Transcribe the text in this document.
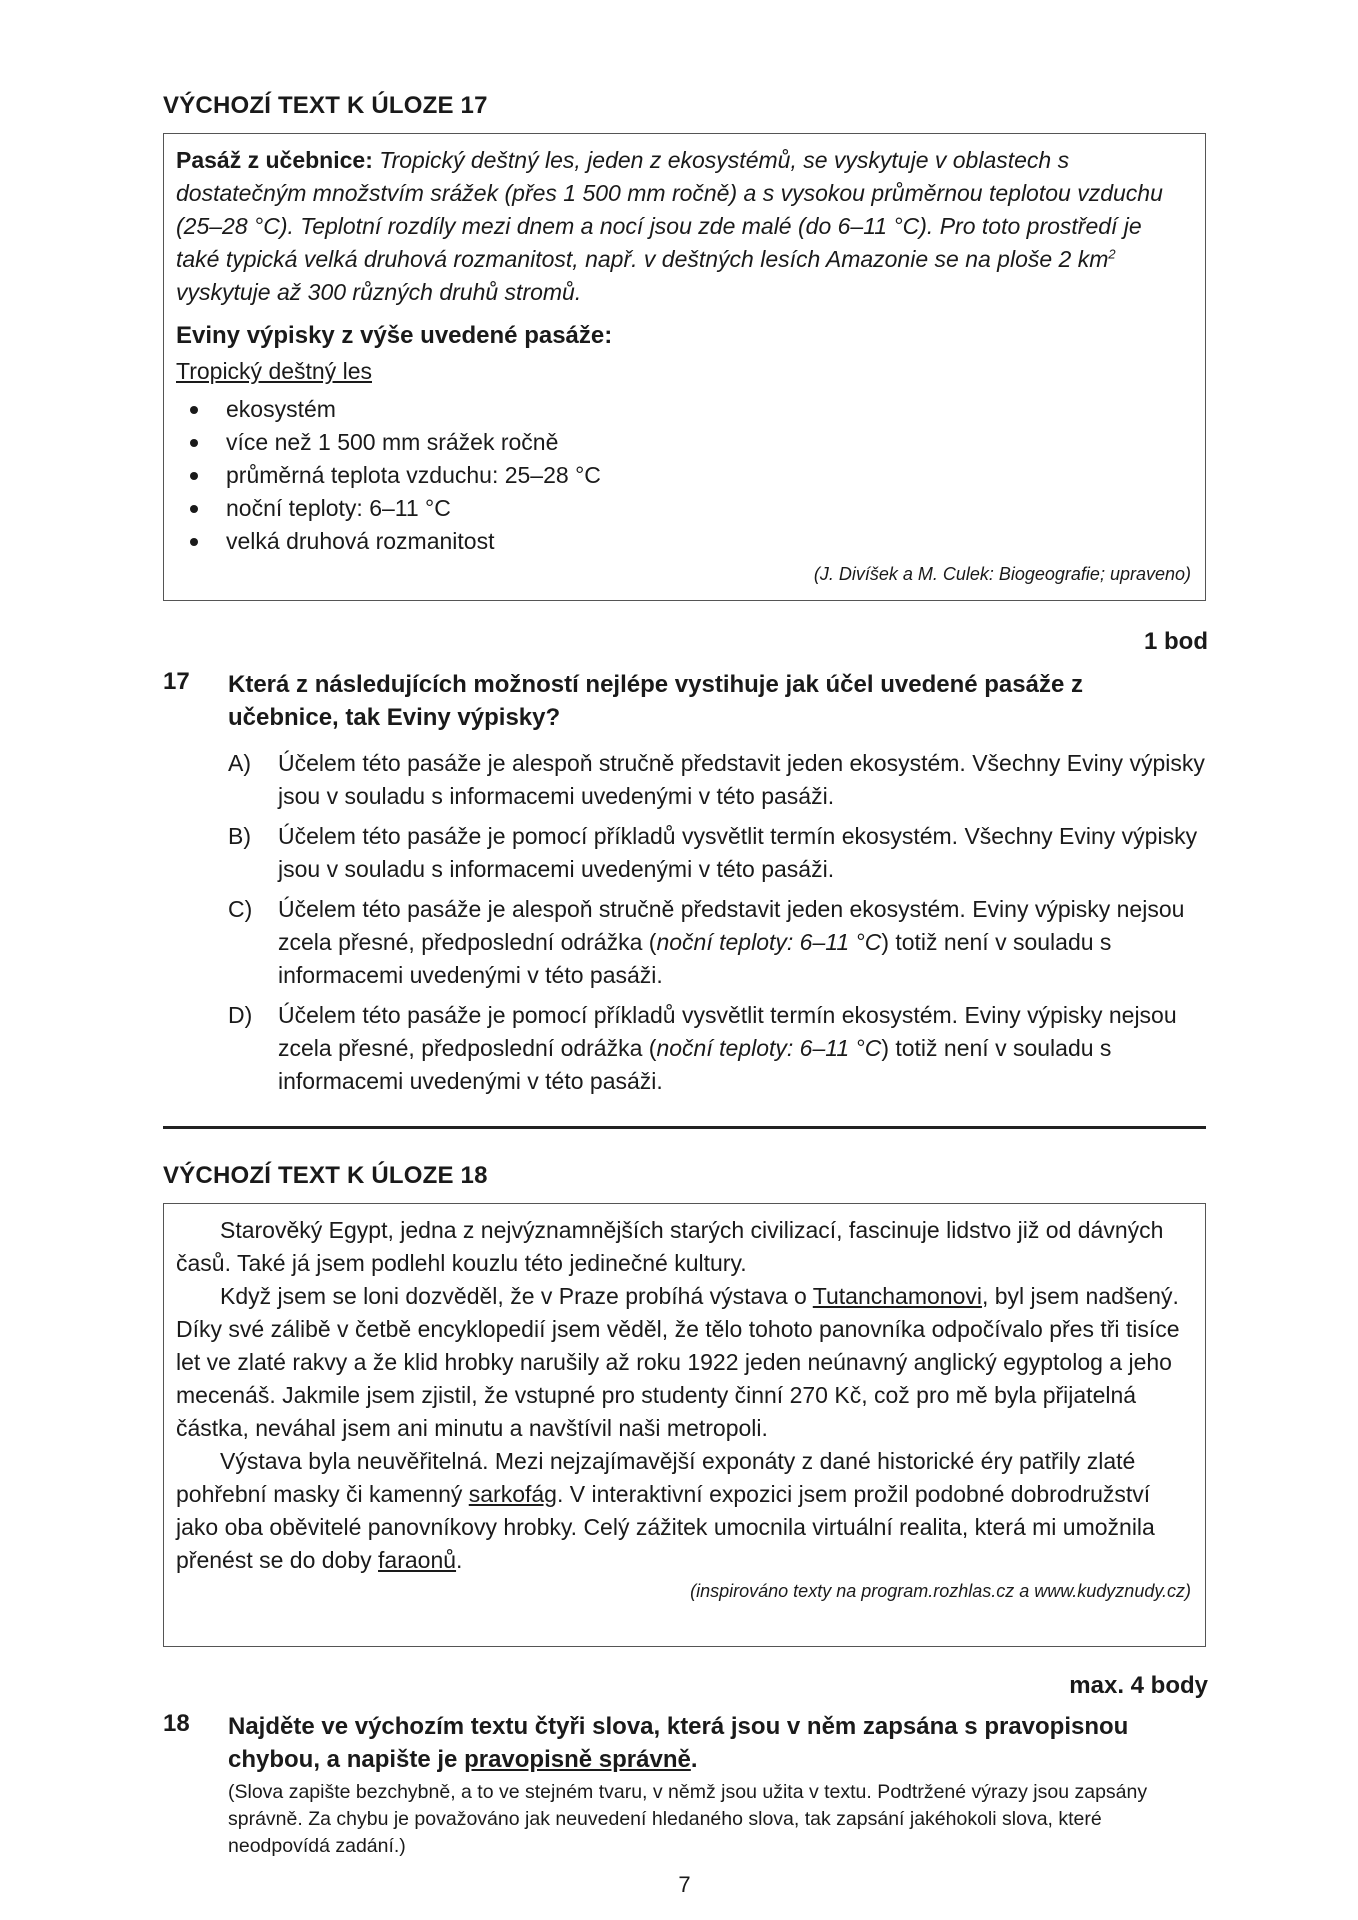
VÝCHOZÍ TEXT K ÚLOZE 17
Pasáž z učebnice: Tropický deštný les, jeden z ekosystémů, se vyskytuje v oblastech s dostatečným množstvím srážek (přes 1 500 mm ročně) a s vysokou průměrnou teplotou vzduchu (25–28 °C). Teplotní rozdíly mezi dnem a nocí jsou zde malé (do 6–11 °C). Pro toto prostředí je také typická velká druhová rozmanitost, např. v deštných lesích Amazonie se na ploše 2 $km^2$ vyskytuje až 300 různých druhů stromů.
Eviny výpisky z výše uvedené pasáže:
Tropický deštný les
ekosystém
více než 1 500 mm srážek ročně
průměrná teplota vzduchu: 25–28 °C
noční teploty: 6–11 °C
velká druhová rozmanitost
(J. Divíšek a M. Culek: Biogeografie; upraveno)
1 bod
17 Která z následujících možností nejlépe vystihuje jak účel uvedené pasáže z učebnice, tak Eviny výpisky?
A) Účelem této pasáže je alespoň stručně představit jeden ekosystém. Všechny Eviny výpisky jsou v souladu s informacemi uvedenými v této pasáži.
B) Účelem této pasáže je pomocí příkladů vysvětlit termín ekosystém. Všechny Eviny výpisky jsou v souladu s informacemi uvedenými v této pasáži.
C) Účelem této pasáže je alespoň stručně představit jeden ekosystém. Eviny výpisky nejsou zcela přesné, předposlední odrážka (noční teploty: 6–11 °C) totiž není v souladu s informacemi uvedenými v této pasáži.
D) Účelem této pasáže je pomocí příkladů vysvětlit termín ekosystém. Eviny výpisky nejsou zcela přesné, předposlední odrážka (noční teploty: 6–11 °C) totiž není v souladu s informacemi uvedenými v této pasáži.
VÝCHOZÍ TEXT K ÚLOZE 18
Starověký Egypt, jedna z nejvýznamnějších starých civilizací, fascinuje lidstvo již od dávných časů. Také já jsem podlehl kouzlu této jedinečné kultury.
Když jsem se loni dozvěděl, že v Praze probíhá výstava o Tutanchamonovi, byl jsem nadšený. Díky své zálibě v četbě encyklopedií jsem věděl, že tělo tohoto panovníka odpočívalo přes tři tisíce let ve zlaté rakvy a že klid hrobky narušily až roku 1922 jeden neúnavný anglický egyptolog a jeho mecenáš. Jakmile jsem zjistil, že vstupné pro studenty činní 270 Kč, což pro mě byla přijatelná částka, neváhal jsem ani minutu a navštívil naši metropoli.
Výstava byla neuvěřitelná. Mezi nejzajímavější exponáty z dané historické éry patřily zlaté pohřební masky či kamenný sarkofág. V interaktivní expozici jsem prožil podobné dobrodružství jako oba oběvitelé panovníkovy hrobky. Celý zážitek umocnila virtuální realita, která mi umožnila přenést se do doby faraonů.
(inspirováno texty na program.rozhlas.cz a www.kudyznudy.cz)
max. 4 body
18 Najděte ve výchozím textu čtyři slova, která jsou v něm zapsána s pravopisnou chybou, a napište je pravopisně správně.
(Slova zapište bezchybně, a to ve stejném tvaru, v němž jsou užita v textu. Podtržené výrazy jsou zapsány správně. Za chybu je považováno jak neuvedení hledaného slova, tak zapsání jakéhokoli slova, které neodpovídá zadání.)
7
